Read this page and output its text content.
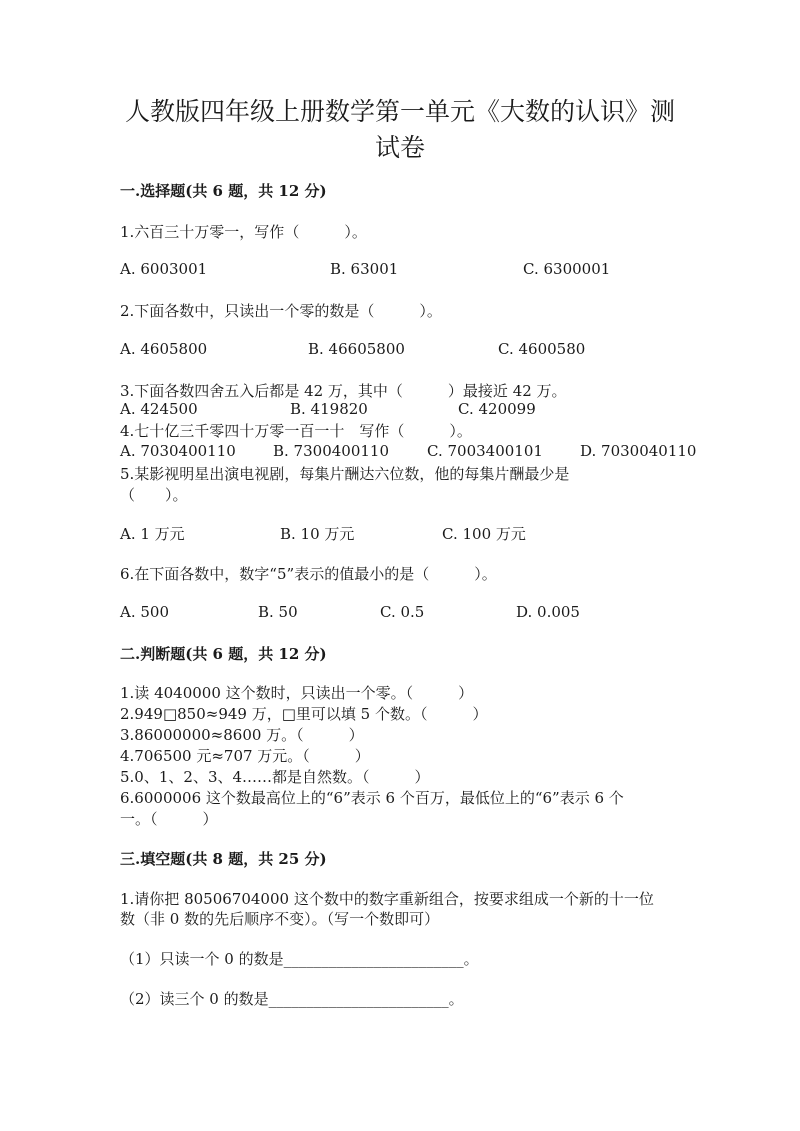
人教版四年级上册数学第一单元《大数的认识》测
试卷
一.选择题(共 6 题，共 12 分)
1.六百三十万零一，写作（　　　）。
A. 6003001	B. 63001	C. 6300001
2.下面各数中，只读出一个零的数是（　　　）。
A. 4605800	B. 46605800	C. 4600580
3.下面各数四舍五入后都是 42 万，其中（　　　）最接近 42 万。
A. 424500	B. 419820	C. 420099
4.七十亿三千零四十万零一百一十　写作（　　　）。
A. 7030400110 B. 7300400110	C. 7003400101 D. 7030040110
5.某影视明星出演电视剧，每集片酬达六位数，他的每集片酬最少是
（　　）。
A. 1 万元	B. 10 万元	C. 100 万元
6.在下面各数中，数字“5”表示的值最小的是（　　　）。
A. 500	B. 50	C. 0.5	D. 0.005
二.判断题(共 6 题，共 12 分)
1.读 4040000 这个数时，只读出一个零。（　　　）
2.949□850≈949 万，□里可以填 5 个数。（　　　）
3.86000000≈8600 万。（　　　）
4.706500 元≈707 万元。（　　　）
5.0、1、2、3、4……都是自然数。（　　　）
6.6000006 这个数最高位上的“6”表示 6 个百万，最低位上的“6”表示 6 个
一。（　　　）
三.填空题(共 8 题，共 25 分)
1.请你把 80506704000 这个数中的数字重新组合，按要求组成一个新的十一位
数（非 0 数的先后顺序不变）。（写一个数即可）
（1）只读一个 0 的数是________________________。
（2）读三个 0 的数是________________________。
